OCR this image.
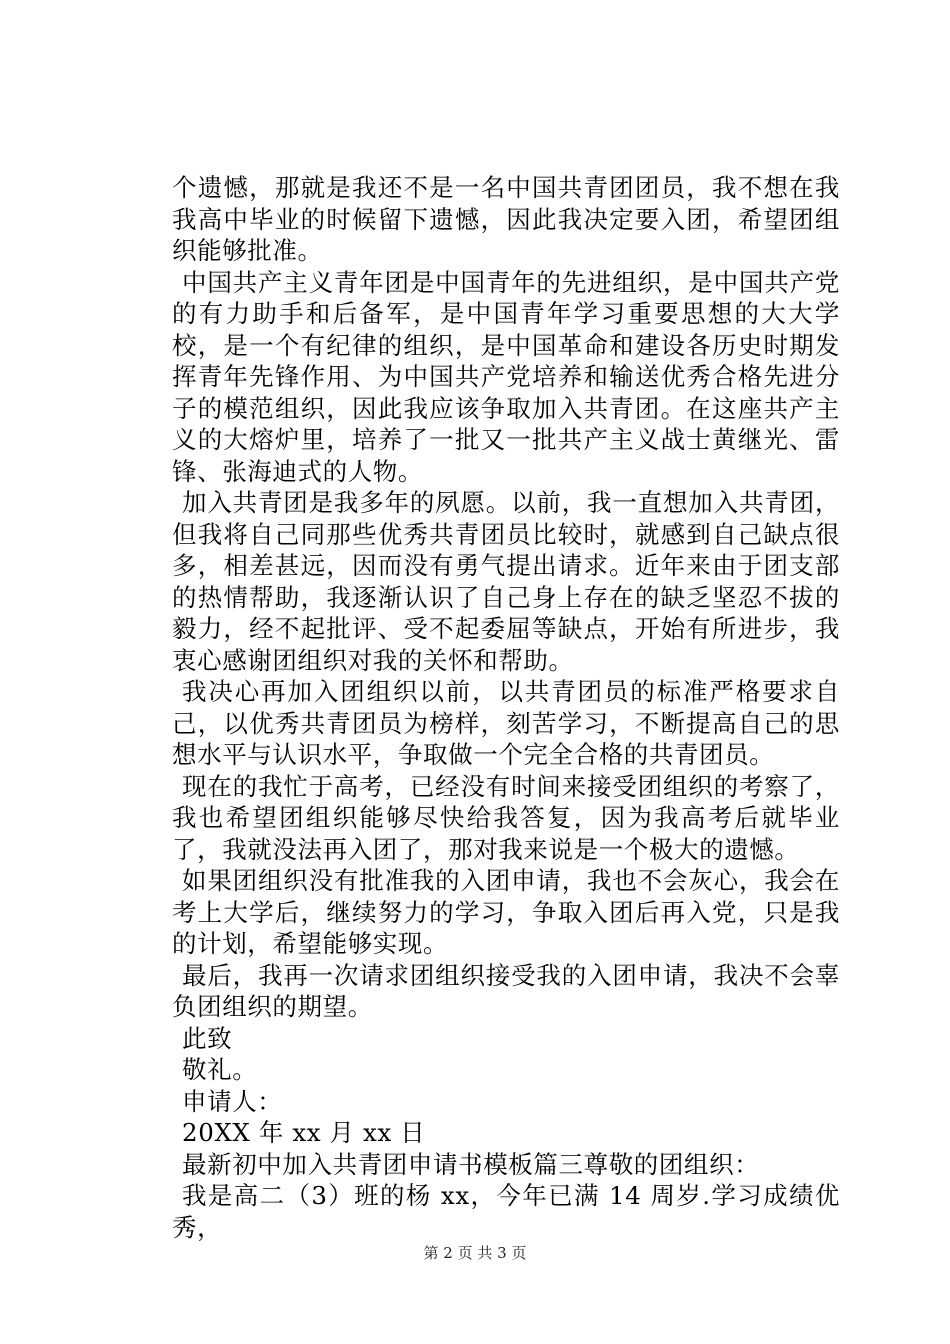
个遗憾，那就是我还不是一名中国共青团团员，我不想在我我高中毕业的时候留下遗憾，因此我决定要入团，希望团组织能够批准。

中国共产主义青年团是中国青年的先进组织，是中国共产党的有力助手和后备军，是中国青年学习重要思想的大大学校，是一个有纪律的组织，是中国革命和建设各历史时期发挥青年先锋作用、为中国共产党培养和输送优秀合格先进分子的模范组织，因此我应该争取加入共青团。在这座共产主义的大熔炉里，培养了一批又一批共产主义战士黄继光、雷锋、张海迪式的人物。

加入共青团是我多年的夙愿。以前，我一直想加入共青团，但我将自己同那些优秀共青团员比较时，就感到自己缺点很多，相差甚远，因而没有勇气提出请求。近年来由于团支部的热情帮助，我逐渐认识了自己身上存在的缺乏坚忍不拔的毅力，经不起批评、受不起委屈等缺点，开始有所进步，我衷心感谢团组织对我的关怀和帮助。

我决心再加入团组织以前，以共青团员的标准严格要求自己，以优秀共青团员为榜样，刻苦学习，不断提高自己的思想水平与认识水平，争取做一个完全合格的共青团员。

现在的我忙于高考，已经没有时间来接受团组织的考察了，我也希望团组织能够尽快给我答复，因为我高考后就毕业了，我就没法再入团了，那对我来说是一个极大的遗憾。

如果团组织没有批准我的入团申请，我也不会灰心，我会在考上大学后，继续努力的学习，争取入团后再入党，只是我的计划，希望能够实现。

最后，我再一次请求团组织接受我的入团申请，我决不会辜负团组织的期望。

此致

敬礼。

申请人：

20XX 年 xx 月 xx 日

最新初中加入共青团申请书模板篇三尊敬的团组织：

我是高二（3）班的杨 xx，今年已满 14 周岁.学习成绩优秀，

第 2 页 共 3 页
